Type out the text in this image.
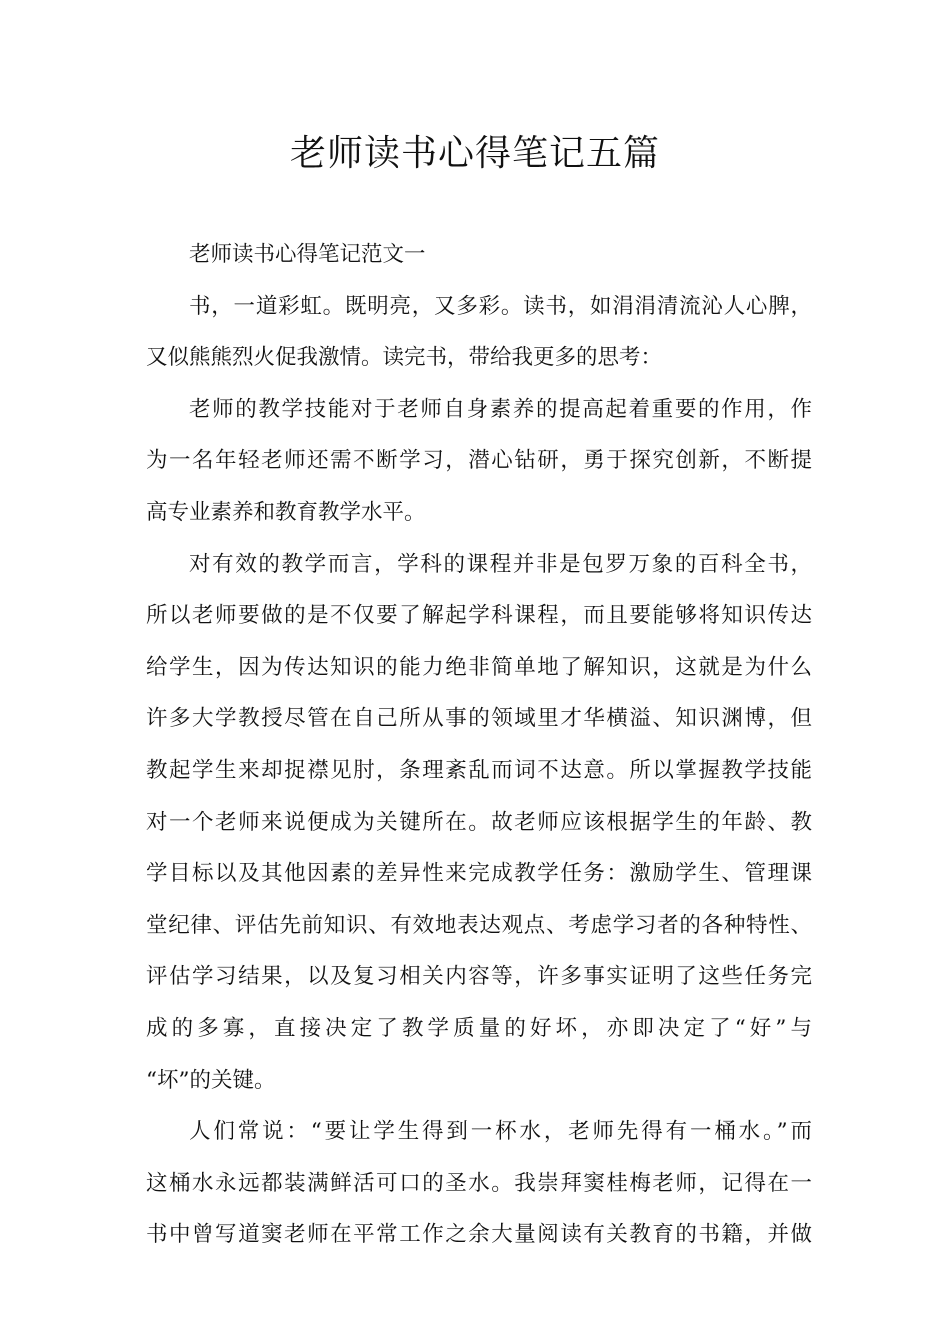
老师读书心得笔记五篇
老师读书心得笔记范文一
书，一道彩虹。既明亮，又多彩。读书，如涓涓清流沁人心脾，
又似熊熊烈火促我激情。读完书，带给我更多的思考：
老师的教学技能对于老师自身素养的提高起着重要的作用，作
为一名年轻老师还需不断学习，潜心钻研，勇于探究创新，不断提
高专业素养和教育教学水平。
对有效的教学而言，学科的课程并非是包罗万象的百科全书，
所以老师要做的是不仅要了解起学科课程，而且要能够将知识传达
给学生，因为传达知识的能力绝非简单地了解知识，这就是为什么
许多大学教授尽管在自己所从事的领域里才华横溢、知识渊博，但
教起学生来却捉襟见肘，条理紊乱而词不达意。所以掌握教学技能
对一个老师来说便成为关键所在。故老师应该根据学生的年龄、教
学目标以及其他因素的差异性来完成教学任务：激励学生、管理课
堂纪律、评估先前知识、有效地表达观点、考虑学习者的各种特性、
评估学习结果，以及复习相关内容等，许多事实证明了这些任务完
成的多寡，直接决定了教学质量的好坏，亦即决定了“好”与
“坏”的关键。
人们常说：“要让学生得到一杯水，老师先得有一桶水。”而
这桶水永远都装满鲜活可口的圣水。我崇拜窦桂梅老师，记得在一
书中曾写道窦老师在平常工作之余大量阅读有关教育的书籍，并做
